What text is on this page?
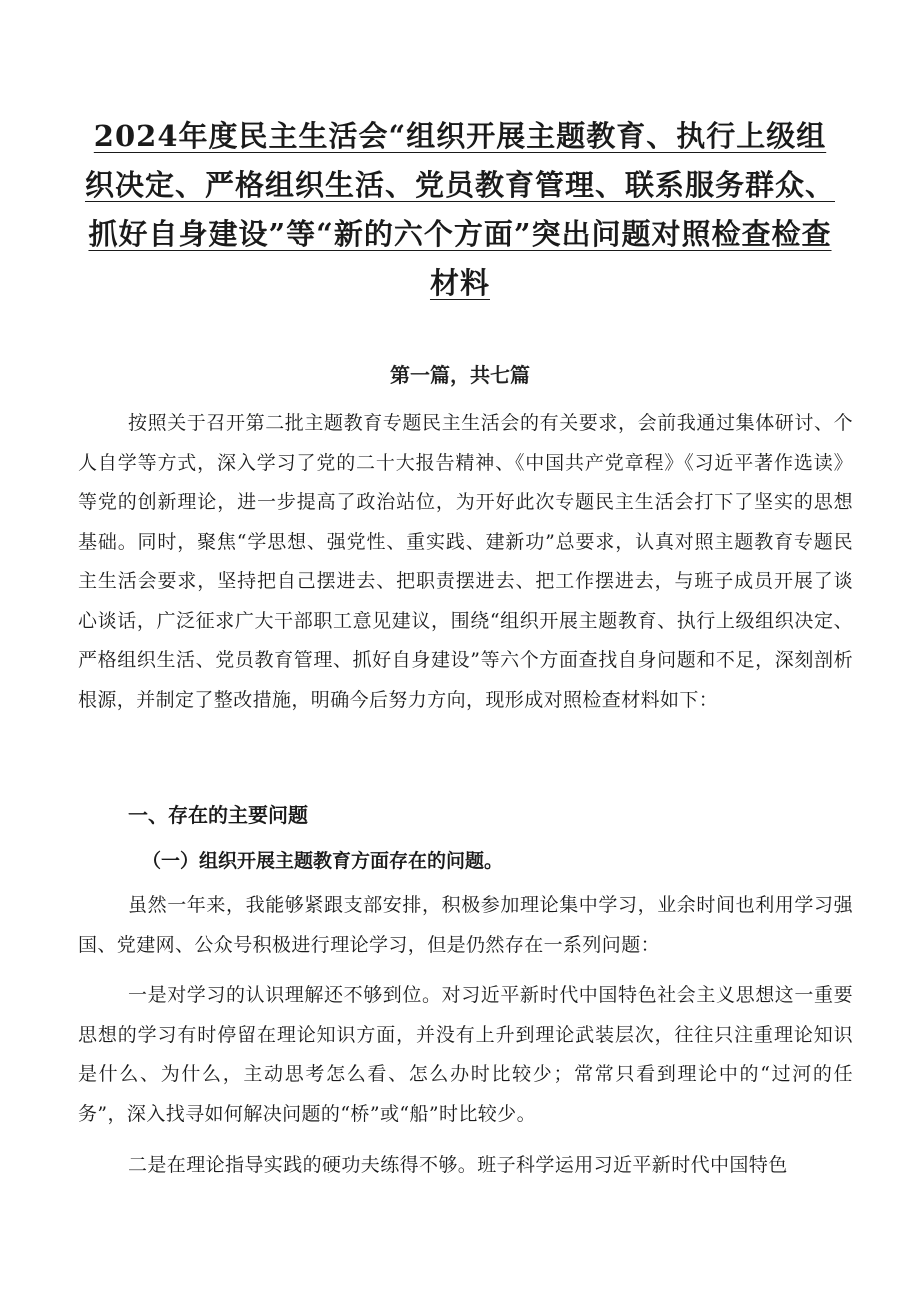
2024年度民主生活会“组织开展主题教育、执行上级组织决定、严格组织生活、党员教育管理、联系服务群众、抓好自身建设”等“新的六个方面”突出问题对照检查检查材料

第一篇，共七篇

按照关于召开第二批主题教育专题民主生活会的有关要求，会前我通过集体研讨、个人自学等方式，深入学习了党的二十大报告精神、《中国共产党章程》《习近平著作选读》等党的创新理论，进一步提高了政治站位，为开好此次专题民主生活会打下了坚实的思想基础。同时，聚焦“学思想、强党性、重实践、建新功”总要求，认真对照主题教育专题民主生活会要求，坚持把自己摆进去、把职责摆进去、把工作摆进去，与班子成员开展了谈心谈话，广泛征求广大干部职工意见建议，围绕“组织开展主题教育、执行上级组织决定、严格组织生活、党员教育管理、抓好自身建设”等六个方面查找自身问题和不足，深刻剖析根源，并制定了整改措施，明确今后努力方向，现形成对照检查材料如下：

一、存在的主要问题
（一）组织开展主题教育方面存在的问题。

虽然一年来，我能够紧跟支部安排，积极参加理论集中学习，业余时间也利用学习强国、党建网、公众号积极进行理论学习，但是仍然存在一系列问题：

一是对学习的认识理解还不够到位。对习近平新时代中国特色社会主义思想这一重要思想的学习有时停留在理论知识方面，并没有上升到理论武装层次，往往只注重理论知识是什么、为什么，主动思考怎么看、怎么办时比较少；常常只看到理论中的“过河的任务”，深入找寻如何解决问题的“桥”或“船”时比较少。

二是在理论指导实践的硬功夫练得不够。班子科学运用习近平新时代中国特色
